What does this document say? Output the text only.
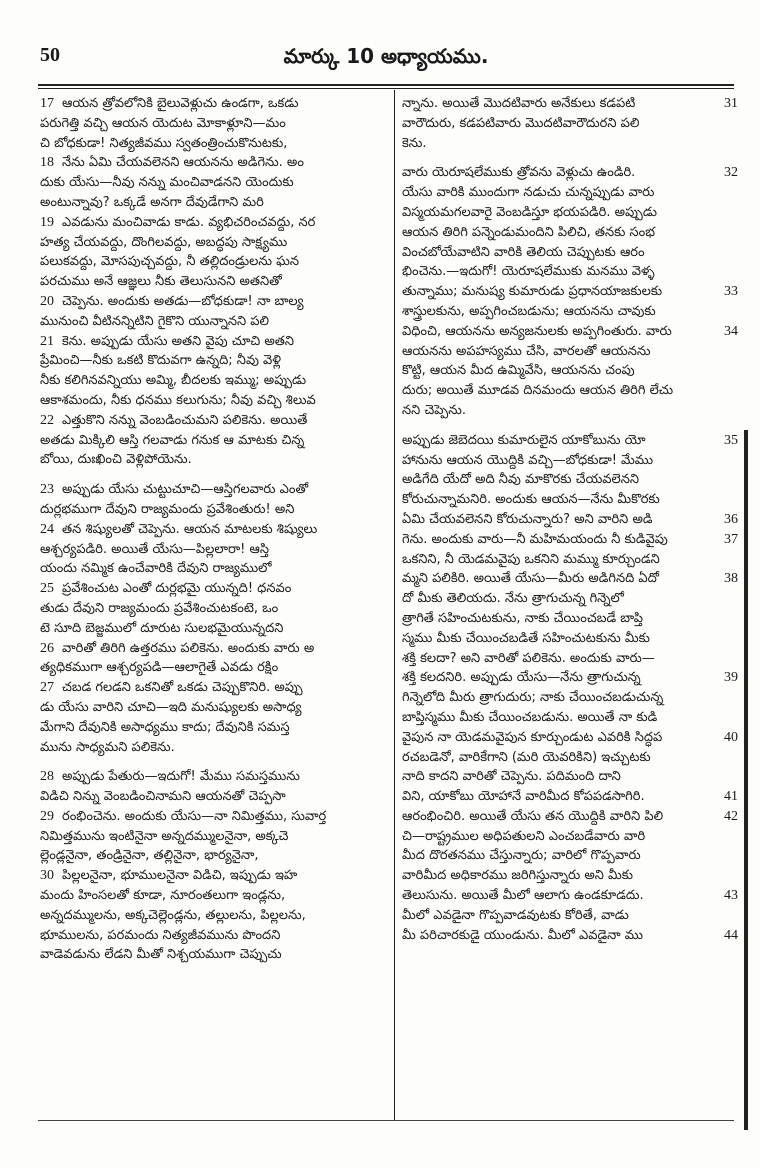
50	మార్కు 10 అధ్యాయము.
17 ఆయన త్రోవలోనికి బైలువెళ్లుచు ఉండగా, ఒకడు
పరుగెత్తి వచ్చి ఆయన యెదుట మోకాళ్లూని—మం
చి బోధకుడా! నిత్యజీవము స్వతంత్రించుకొనుటకు,
18 నేను ఏమి చేయవలెనని ఆయనను అడిగెను. అం
దుకు యేసు—నీవు నన్ను మంచివాడనని యెందుకు
అంటున్నావు? ఒక్కడే అనగా దేవుడేగాని మరి
19 ఎవడును మంచివాడు కాడు. వ్యభిచరించవద్దు, నర
హత్య చేయవద్దు, దొంగిలవద్దు, అబద్ధపు సాక్ష్యము
పలుకవద్దు, మోసపుచ్చవద్దు, నీ తల్లిదండ్రులను ఘన
పరచుము అనే ఆజ్ఞలు నీకు తెలుసునని అతనితో
20 చెప్పెను. అందుకు అతడు—బోధకుడా! నా బాల్య
మునుంచి వీటినన్నిటిని గైకొని యున్నానని పలి
21 కెను. అప్పుడు యేసు అతని వైపు చూచి అతని
ప్రేమించి—నీకు ఒకటి కొదువగా ఉన్నది; నీవు వెళ్లి
నీకు కలిగినవన్నియు అమ్మి, బీదలకు ఇమ్ము; అప్పుడు
ఆకాశమందు, నీకు ధనము కలుగును; నీవు వచ్చి శిలువ
22 ఎత్తుకొని నన్ను వెంబడించుమని పలికెను. అయితే
అతడు మిక్కిలి ఆస్తి గలవాడు గనుక ఆ మాటకు చిన్న
బోయి, దుఃఖించి వెళ్లిపోయెను.
23 అప్పుడు యేసు చుట్టుచూచి—ఆస్తిగలవారు ఎంతో
దుర్లభముగా దేవుని రాజ్యమందు ప్రవేశింతురు! అని
24 తన శిష్యులతో చెప్పెను. ఆయన మాటలకు శిష్యులు
ఆశ్చర్యపడిరి. అయితే యేసు—పిల్లలారా! ఆస్తి
యందు నమ్మిక ఉంచేవారికి దేవుని రాజ్యములో
25 ప్రవేశించుట ఎంతో దుర్లభమై యున్నది! ధనవం
తుడు దేవుని రాజ్యమందు ప్రవేశించుటకంటె, ఒం
టె సూది బెజ్జములో దూరుట సులభమైయున్నదని
26 వారితో తిరిగి ఉత్తరము పలికెను. అందుకు వారు అ
త్యధికముగా ఆశ్చర్యపడి—ఆలాగైతే ఎవడు రక్షిం
27 చబడ గలడని ఒకనితో ఒకడు చెప్పుకొనిరి. అప్పు
డు యేసు వారిని చూచి—ఇది మనుష్యులకు అసాధ్య
మేగాని దేవునికి అసాధ్యము కాదు; దేవునికి సమస్త
మును సాధ్యమని పలికెను.
28 అప్పుడు పేతురు—ఇదుగో! మేము సమస్తమును
విడిచి నిన్ను వెంబడించినామని ఆయనతో చెప్పసా
29 రంభించెను. అందుకు యేసు—నా నిమిత్తము, సువార్త
నిమిత్తమును ఇంటినైనా అన్నదమ్ములనైనా, అక్కచె
ల్లెండ్లనైనా, తండ్రినైనా, తల్లినైనా, భార్యనైనా,
30 పిల్లలనైనా, భూములనైనా విడిచి, ఇప్పుడు ఇహ
మందు హింసలతో కూడా, నూరంతలుగా ఇండ్లను,
అన్నదమ్ములను, అక్కచెల్లెండ్లను, తల్లులను, పిల్లలను,
భూములను, పరమందు నిత్యజీవమును పొందని
వాడెవడును లేడని మీతో నిశ్చయముగా చెప్పుచు
31
న్నాను. అయితే మొదటివారు అనేకులు కడపటి
వారౌదురు, కడపటివారు మొదటివారౌదురని పలి
కెను.
32
వారు యెరూషలేముకు త్రోవను వెళ్లుచు ఉండిరి.
యేసు వారికి ముందుగా నడుచు చున్నప్పుడు వారు
విస్మయమగలవారై వెంబడిస్తూ భయపడిరి. అప్పుడు
ఆయన తిరిగి పన్నెండుమందిని పిలిచి, తనకు సంభ
వించబోయేవాటిని వారికి తెలియ చెప్పుటకు ఆరం
భించెను.—ఇదుగో! యెరూషలేముకు మనము వెళ్ళ
33
తున్నాము; మనుష్య కుమారుడు ప్రధానయాజకులకు
శాస్త్రులకును, అప్పగించబడును; ఆయనను చావుకు
34
విధించి, ఆయనను అన్యజనులకు అప్పగింతురు. వారు
ఆయనను అపహస్యము చేసి, వారలతో ఆయనను
కొట్టి, ఆయన మీద ఉమ్మివేసి, ఆయనను చంపు
దురు; అయితే మూడవ దినమందు ఆయన తిరిగి లేచు
నని చెప్పెను.
35
అప్పుడు జెబెదయి కుమారులైన యాకోబును యో
హానును ఆయన యొద్దికి వచ్చి—బోధకుడా! మేము
అడిగేది యేదో అది నీవు మాకొరకు చేయవలెనని
కోరుచున్నామనిరి. అందుకు ఆయన—నేను మీకొరకు
36
ఏమి చేయవలెనని కోరుచున్నారు? అని వారిని అడి
37
గెను. అందుకు వారు—నీ మహిమయందు నీ కుడివైపు
ఒకనిని, నీ యెడమవైపు ఒకనిని మమ్ము కూర్చుండని
38
మ్మని పలికిరి. అయితే యేసు—మీరు అడిగినది ఏదో
దో మీకు తెలియదు. నేను త్రాగుచున్న గిన్నెలో
త్రాగితే సహించుటకును, నాకు చేయించబడే బాప్తి
స్మము మీకు చేయించబడితే సహించుటకును మీకు
శక్తి కలదా? అని వారితో పలికెను. అందుకు వారు—
39
శక్తి కలదనిరి. అప్పుడు యేసు—నేను త్రాగుచున్న
గిన్నెలోది మీరు త్రాగుదురు; నాకు చేయించబడుచున్న
బాప్తిస్మము మీకు చేయించబడును. అయితే నా కుడి
40
వైపున నా యెడమవైపున కూర్చుండుట ఎవరికి సిద్ధప
రచబడెనో, వారికేగాని (మరి యెవరికిని) ఇచ్చుటకు
నాది కాదని వారితో చెప్పెను. పదిమంది దాని
41
విని, యాకోబు యోహానే వారిమీద కోపపడసాగిరి.
42
ఆరంభించిరి. అయితే యేసు తన యొద్దికి వారిని పిలి
చి—రాష్ట్రముల అధిపతులని ఎంచబడేవారు వారి
మీద దొరతనము చేస్తున్నారు; వారిలో గొప్పవారు
వారిమీద అధికారము జరిగిస్తున్నారు అని మీకు
43
తెలుసును. అయితే మీలో ఆలాగు ఉండకూడదు.
మీలో ఎవడైనా గొప్పవాడవుటకు కోరితే, వాడు
44
మీ పరిచారకుడై యుండును. మీలో ఎవడైనా ము
